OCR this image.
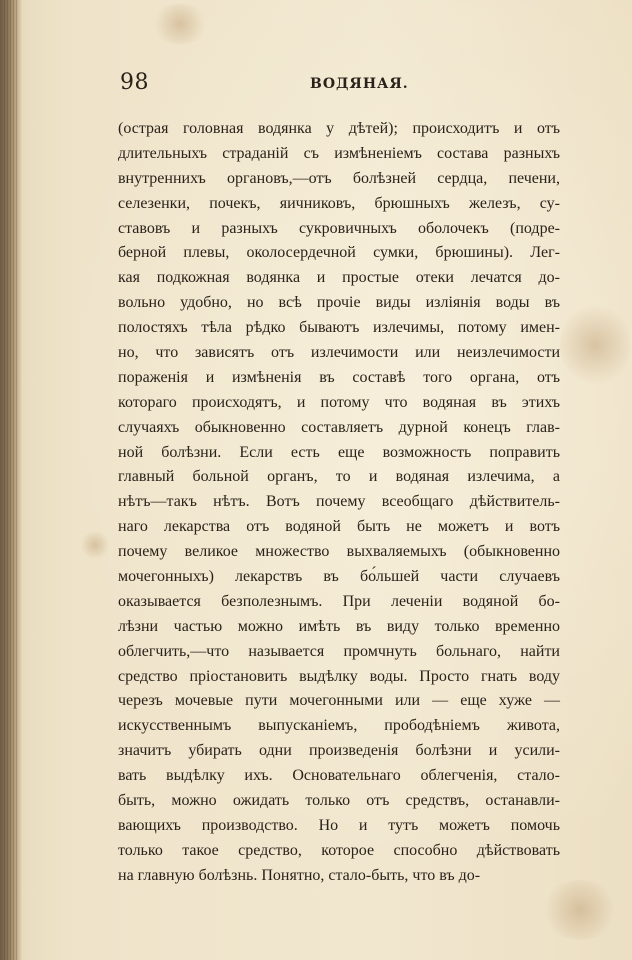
98	ВОДЯНАЯ.
(острая головная водянка у дѣтей); происходитъ и отъ
длительныхъ страданій съ измѣненіемъ состава разныхъ
внутреннихъ органовъ,—отъ болѣзней сердца, печени,
селезенки, почекъ, яичниковъ, брюшныхъ железъ, су-
ставовъ и разныхъ сукровичныхъ оболочекъ (подре-
берной плевы, околосердечной сумки, брюшины). Лег-
кая подкожная водянка и простые отеки лечатся до-
вольно удобно, но всѣ прочіе виды изліянія воды въ
полостяхъ тѣла рѣдко бываютъ излечимы, потому имен-
но, что зависятъ отъ излечимости или неизлечимости
пораженія и измѣненія въ составѣ того органа, отъ
котораго происходятъ, и потому что водяная въ этихъ
случаяхъ обыкновенно составляетъ дурной конецъ глав-
ной болѣзни. Если есть еще возможность поправить
главный больной органъ, то и водяная излечима, а
нѣтъ—такъ нѣтъ. Вотъ почему всеобщаго дѣйствитель-
наго лекарства отъ водяной быть не можетъ и вотъ
почему великое множество выхваляемыхъ (обыкновенно
мочегонныхъ) лекарствъ въ бо́льшей части случаевъ
оказывается безполезнымъ. При леченіи водяной бо-
лѣзни частью можно имѣть въ виду только временно
облегчить,—что называется промчнуть больнаго, найти
средство пріостановить выдѣлку воды. Просто гнать воду
черезъ мочевые пути мочегонными или — еще хуже —
искусственнымъ выпусканіемъ, прободѣніемъ живота,
значитъ убирать одни произведенія болѣзни и усили-
вать выдѣлку ихъ. Основательнаго облегченія, стало-
быть, можно ожидать только отъ средствъ, останавли-
вающихъ производство. Но и тутъ можетъ помочь
только такое средство, которое способно дѣйствовать
на главную болѣзнь. Понятно, стало-быть, что въ до-
